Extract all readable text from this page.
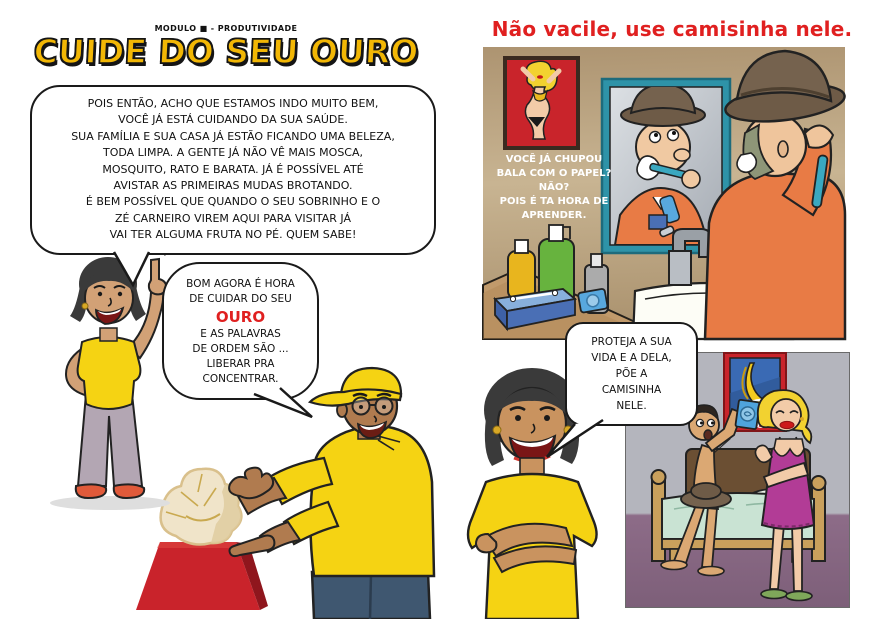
MODULO ■ - PRODUTIVIDADE
CUIDE DO SEU OURO
POIS ENTÃO, ACHO QUE ESTAMOS INDO MUITO BEM,
VOCÊ JÁ ESTÁ CUIDANDO DA SUA SAÚDE.
SUA FAMÍLIA E SUA CASA JÁ ESTÃO FICANDO UMA BELEZA,
TODA LIMPA. A GENTE JÁ NÃO VÊ MAIS MOSCA,
MOSQUITO, RATO E BARATA. JÁ É POSSÍVEL ATÉ
AVISTAR AS PRIMEIRAS MUDAS BROTANDO.
É BEM POSSÍVEL QUE QUANDO O SEU SOBRINHO E O
ZÉ CARNEIRO VIREM AQUI PARA VISITAR JÁ
VAI TER ALGUMA FRUTA NO PÉ. QUEM SABE!
BOM AGORA É HORA
DE CUIDAR DO SEU
OURO
E AS PALAVRAS
DE ORDEM SÃO ...
LIBERAR PRA
CONCENTRAR.
Não vacile, use camisinha nele.
VOCÊ JÁ CHUPOU
BALA COM O PAPEL?
NÃO?
POIS É TA HORA DE
APRENDER.
PROTEJA A SUA
VIDA E A DELA,
PÕE A
CAMISINHA
NELE.
